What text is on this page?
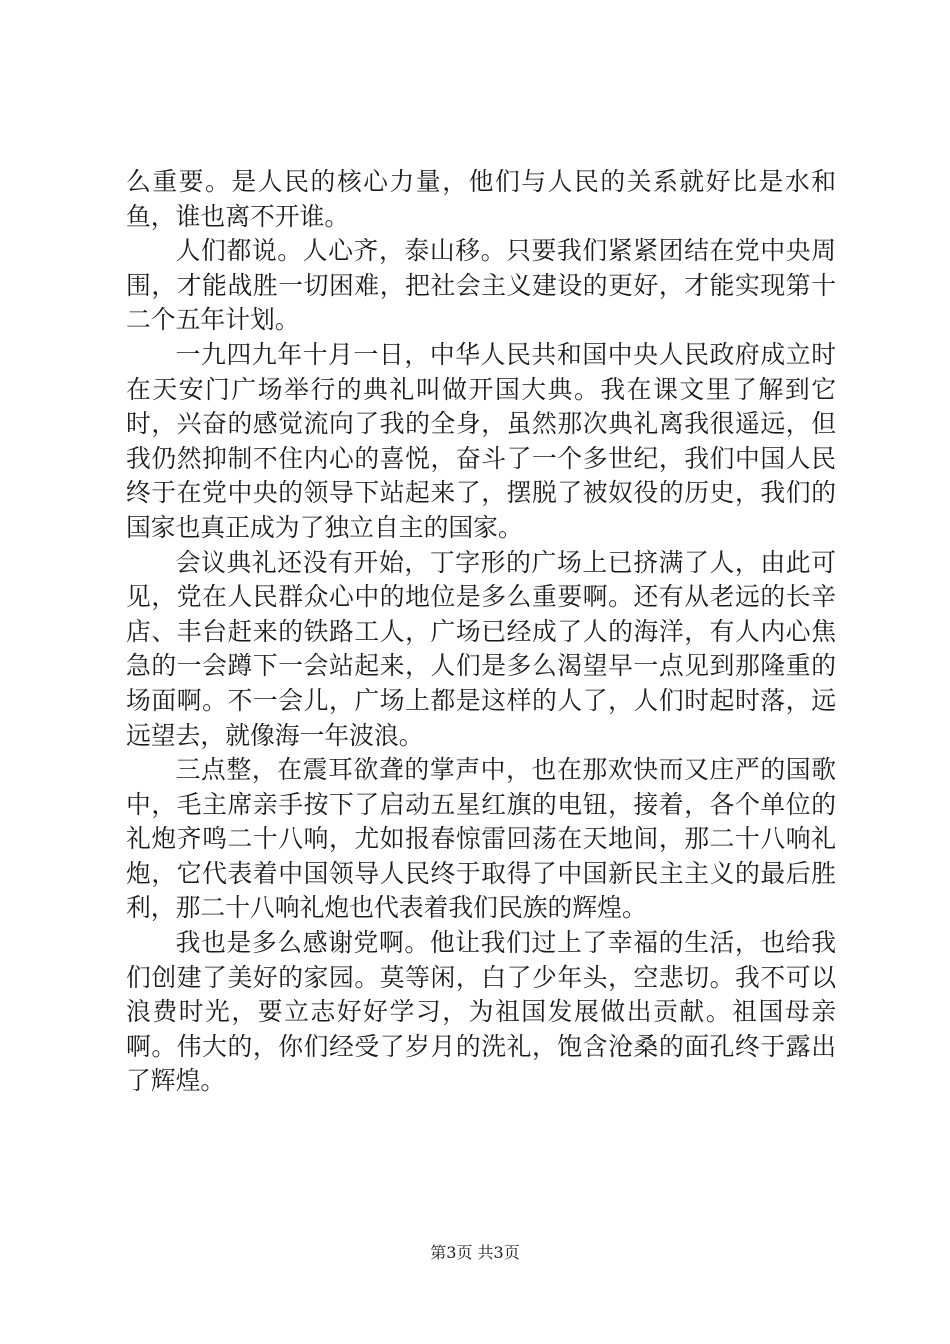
么重要。是人民的核心力量，他们与人民的关系就好比是水和鱼，谁也离不开谁。

人们都说。人心齐，泰山移。只要我们紧紧团结在党中央周围，才能战胜一切困难，把社会主义建设的更好，才能实现第十二个五年计划。

一九四九年十月一日，中华人民共和国中央人民政府成立时在天安门广场举行的典礼叫做开国大典。我在课文里了解到它时，兴奋的感觉流向了我的全身，虽然那次典礼离我很遥远，但我仍然抑制不住内心的喜悦，奋斗了一个多世纪，我们中国人民终于在党中央的领导下站起来了，摆脱了被奴役的历史，我们的国家也真正成为了独立自主的国家。

会议典礼还没有开始，丁字形的广场上已挤满了人，由此可见，党在人民群众心中的地位是多么重要啊。还有从老远的长辛店、丰台赶来的铁路工人，广场已经成了人的海洋，有人内心焦急的一会蹲下一会站起来，人们是多么渴望早一点见到那隆重的场面啊。不一会儿，广场上都是这样的人了，人们时起时落，远远望去，就像海一年波浪。

三点整，在震耳欲聋的掌声中，也在那欢快而又庄严的国歌中，毛主席亲手按下了启动五星红旗的电钮，接着，各个单位的礼炮齐鸣二十八响，尤如报春惊雷回荡在天地间，那二十八响礼炮，它代表着中国领导人民终于取得了中国新民主主义的最后胜利，那二十八响礼炮也代表着我们民族的辉煌。

我也是多么感谢党啊。他让我们过上了幸福的生活，也给我们创建了美好的家园。莫等闲，白了少年头，空悲切。我不可以浪费时光，要立志好好学习，为祖国发展做出贡献。祖国母亲啊。伟大的，你们经受了岁月的洗礼，饱含沧桑的面孔终于露出了辉煌。

第3页 共3页
